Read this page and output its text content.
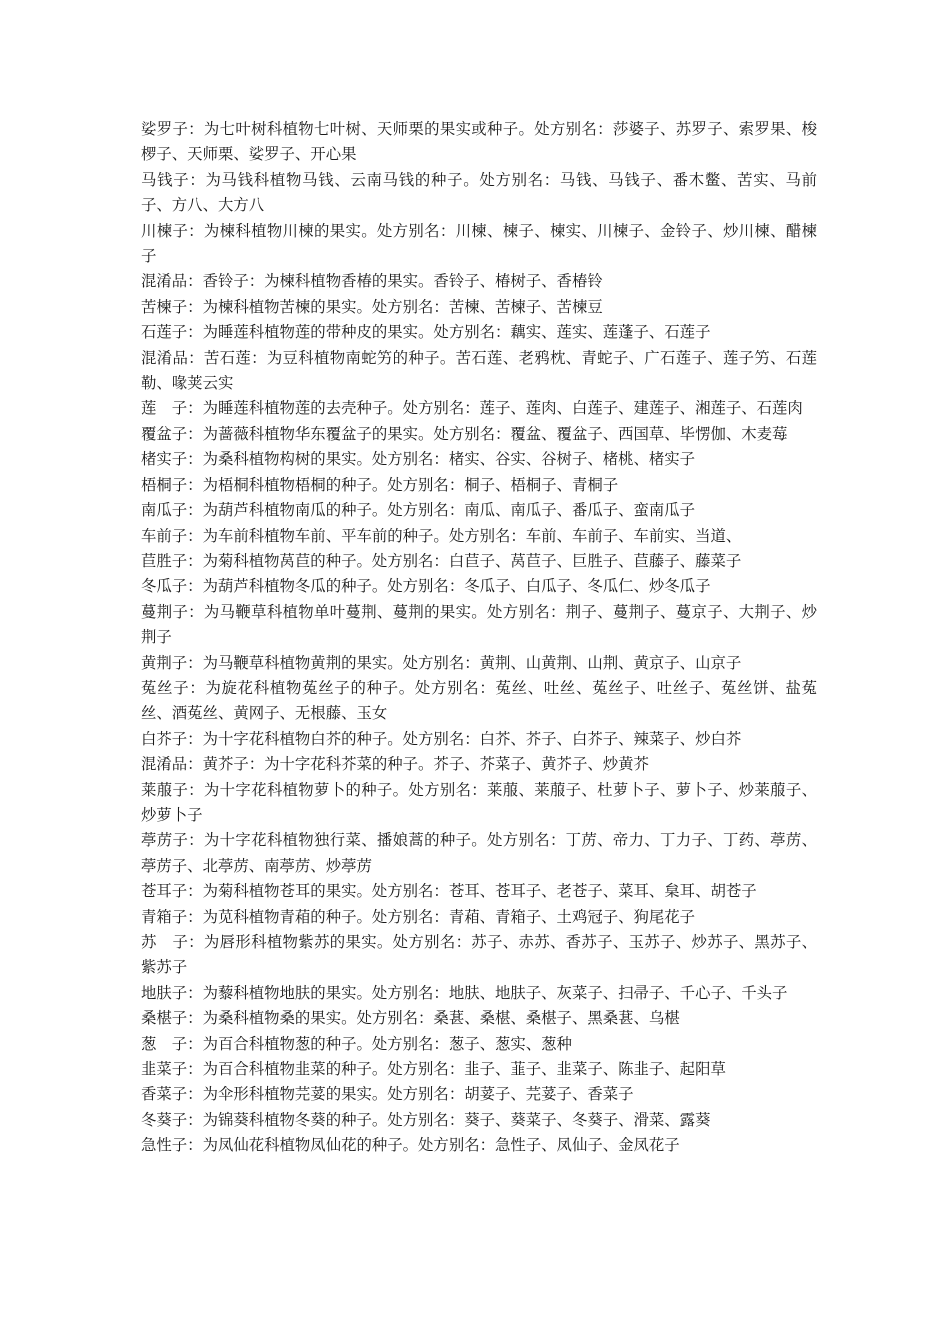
娑罗子：为七叶树科植物七叶树、天师栗的果实或种子。处方别名：莎婆子、苏罗子、索罗果、梭椤子、天师栗、娑罗子、开心果

马钱子：为马钱科植物马钱、云南马钱的种子。处方别名：马钱、马钱子、番木鳖、苦实、马前子、方八、大方八

川楝子：为楝科植物川楝的果实。处方别名：川楝、楝子、楝实、川楝子、金铃子、炒川楝、醋楝子

混淆品：香铃子：为楝科植物香椿的果实。香铃子、椿树子、香椿铃

苦楝子：为楝科植物苦楝的果实。处方别名：苦楝、苦楝子、苦楝豆

石莲子：为睡莲科植物莲的带种皮的果实。处方别名：藕实、莲实、莲蓬子、石莲子

混淆品：苦石莲：为豆科植物南蛇竻的种子。苦石莲、老鸦枕、青蛇子、广石莲子、莲子竻、石莲勒、喙荚云实

莲　子：为睡莲科植物莲的去壳种子。处方别名：莲子、莲肉、白莲子、建莲子、湘莲子、石莲肉

覆盆子：为蔷薇科植物华东覆盆子的果实。处方别名：覆盆、覆盆子、西国草、毕愣伽、木麦莓

楮实子：为桑科植物构树的果实。处方别名：楮实、谷实、谷树子、楮桃、楮实子

梧桐子：为梧桐科植物梧桐的种子。处方别名：桐子、梧桐子、青桐子

南瓜子：为葫芦科植物南瓜的种子。处方别名：南瓜、南瓜子、番瓜子、蛮南瓜子

车前子：为车前科植物车前、平车前的种子。处方别名：车前、车前子、车前实、当道、

苣胜子：为菊科植物莴苣的种子。处方别名：白苣子、莴苣子、巨胜子、苣藤子、藤菜子

冬瓜子：为葫芦科植物冬瓜的种子。处方别名：冬瓜子、白瓜子、冬瓜仁、炒冬瓜子

蔓荆子：为马鞭草科植物单叶蔓荆、蔓荆的果实。处方别名：荆子、蔓荆子、蔓京子、大荆子、炒荆子

黄荆子：为马鞭草科植物黄荆的果实。处方别名：黄荆、山黄荆、山荆、黄京子、山京子

菟丝子：为旋花科植物菟丝子的种子。处方别名：菟丝、吐丝、菟丝子、吐丝子、菟丝饼、盐菟丝、酒菟丝、黄网子、无根藤、玉女

白芥子：为十字花科植物白芥的种子。处方别名：白芥、芥子、白芥子、辣菜子、炒白芥

混淆品：黄芥子：为十字花科芥菜的种子。芥子、芥菜子、黄芥子、炒黄芥

莱菔子：为十字花科植物萝卜的种子。处方别名：莱菔、莱菔子、杜萝卜子、萝卜子、炒莱菔子、炒萝卜子

葶苈子：为十字花科植物独行菜、播娘蒿的种子。处方别名：丁苈、帝力、丁力子、丁药、葶苈、葶苈子、北葶苈、南葶苈、炒葶苈

苍耳子：为菊科植物苍耳的果实。处方别名：苍耳、苍耳子、老苍子、菜耳、枲耳、胡苍子

青箱子：为苋科植物青葙的种子。处方别名：青葙、青箱子、土鸡冠子、狗尾花子

苏　子：为唇形科植物紫苏的果实。处方别名：苏子、赤苏、香苏子、玉苏子、炒苏子、黑苏子、紫苏子

地肤子：为藜科植物地肤的果实。处方别名：地肤、地肤子、灰菜子、扫帚子、千心子、千头子

桑椹子：为桑科植物桑的果实。处方别名：桑葚、桑椹、桑椹子、黑桑葚、乌椹

葱　子：为百合科植物葱的种子。处方别名：葱子、葱实、葱种

韭菜子：为百合科植物韭菜的种子。处方别名：韭子、韮子、韭菜子、陈韭子、起阳草

香菜子：为伞形科植物芫荽的果实。处方别名：胡荽子、芫荽子、香菜子

冬葵子：为锦葵科植物冬葵的种子。处方别名：葵子、葵菜子、冬葵子、滑菜、露葵

急性子：为凤仙花科植物凤仙花的种子。处方别名：急性子、凤仙子、金凤花子
